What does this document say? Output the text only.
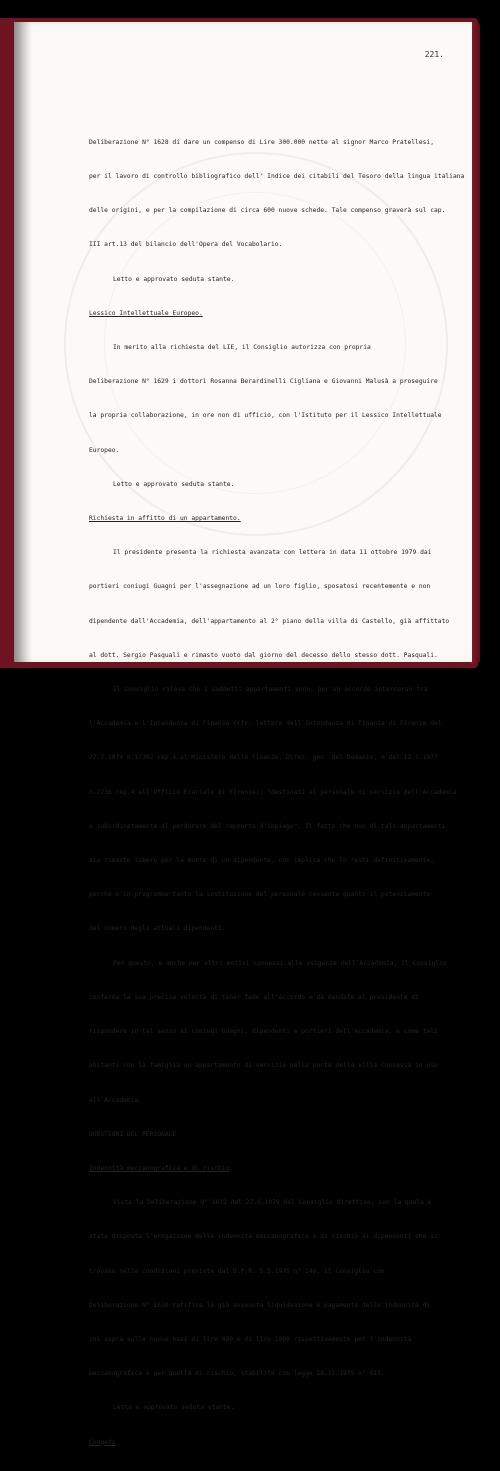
221.

Deliberazione N° 1628 di dare un compenso di Lire 300.000 nette al signor Marco Pratellesi,

per il lavoro di controllo bibliografico dell' Indice dei citabili del Tesoro della lingua italiana

delle origini, e per la compilazione di circa 600 nuove schede. Tale compenso graverà sul cap.

III art.13 del bilancio dell'Opera del Vocabolario.

Letto e approvato seduta stante.

Lessico Intellettuale Europeo.

In merito alla richiesta del LIE, il Consiglio autorizza con propria

Deliberazione N° 1629 i dottori Rosanna Berardinelli Cigliana e Giovanni Malusà a proseguire

la propria collaborazione, in ore non di ufficio, con l'Istituto per il Lessico Intellettuale

Europeo.

Letto e approvato seduta stante.

Richiesta in affitto di un appartamento.

Il presidente presenta la richiesta avanzata con lettera in data 11 ottobre 1979 dai

portieri coniugi Guagni per l'assegnazione ad un loro figlio, sposatosi recentemente e non

dipendente dall'Accademia, dell'appartamento al 2° piano della villa di Castello, già affittato

al dott. Sergio Pasquali e rimasto vuoto dal giorno del decesso dello stesso dott. Pasquali.

Il Consiglio rileva che i suddetti appartamenti sono, per un accordo intercorso tra

l'Accademia e l'Intendenza di Finanza (cfr. lettere dell'Intendenza di Finanza di Firenze del

27.7.1974 n.17302 rep.4 al Ministero delle Finanze, Direz. gen. del Demanio, e del 12.1.1977

n.2736 rep.4 all'Ufficio Erariale di Firenze), "destinati al personale di servizio dell'Accademia

e subordinatamente al perdurare del rapporto d'impiego". Il fatto che uno di tali appartamenti

sia rimasto libero per la morte di un dipendente, non implica che lo resti definitivamente,

perché è in programma tanto la sostituzione del personale cessante quanto il potenziamento

del numero degli attuali dipendenti.

Per questo, e anche per altri motivi connessi alle esigenze dell'Accademia, il Consiglio

conferma la sua precisa volontà di tener fede all'accordo e dà mandato al presidente di

rispondere in tal senso ai coniugi Guagni, dipendenti e portieri dell'Accademia, e come tali

abitanti con la famiglia un appartamento di servizio nella parte della villa concessa in uso

all'Accademia.

QUESTIONI DEL PERSONALE

Indennità meccanografica e di rischio

Vista la Deliberazione N° 1612 del 27.6.1979 del Consiglio direttivo, con la quale è

stata disposta l'erogazione delle indennità meccanografica e di rischio ai dipendenti che si

trovano nelle condizioni previste dal D.P.R. 5.5.1975 n° 146, il Consiglio con

Deliberazione N° 1630 ratifica la già avvenuta liquidazione e pagamento delle indennità di

cui sopra sulle nuove basi di lire 400 e di lire 1000 rispettivamente per l'indennità

meccanografica e per quella di rischio, stabilite con legge 18.11.1975 n° 613.

Letto e approvato seduta stante.

Congedi
